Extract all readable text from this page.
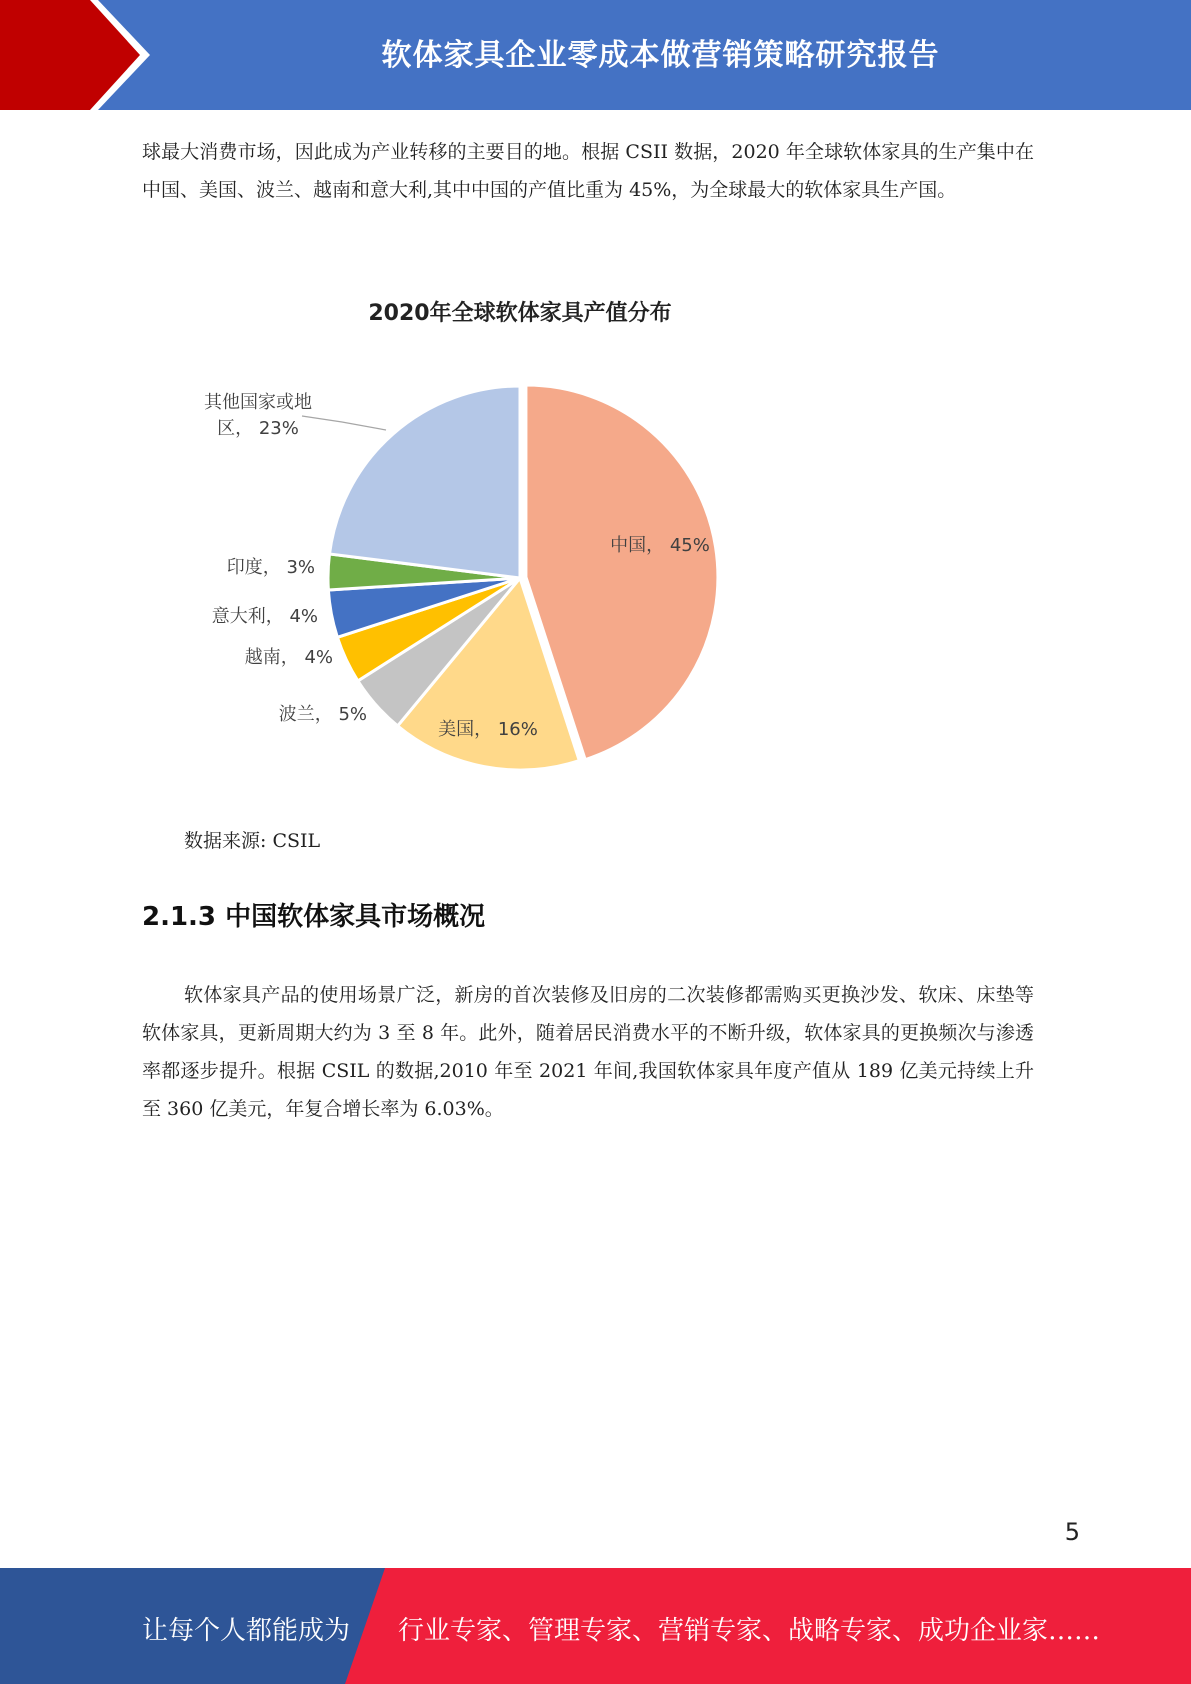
软体家具企业零成本做营销策略研究报告

球最大消费市场，因此成为产业转移的主要目的地。根据 CSII 数据，2020 年全球软体家具的生产集中在中国、美国、波兰、越南和意大利,其中中国的产值比重为 45%，为全球最大的软体家具生产国。

2020年全球软体家具产值分布
中国， 45%
美国， 16%
波兰， 5%
越南， 4%
意大利， 4%
印度， 3%
其他国家或地区， 23%
数据来源: CSIL
2.1.3 中国软体家具市场概况

软体家具产品的使用场景广泛，新房的首次装修及旧房的二次装修都需购买更换沙发、软床、床垫等软体家具，更新周期大约为 3 至 8 年。此外，随着居民消费水平的不断升级，软体家具的更换频次与渗透率都逐步提升。根据 CSIL 的数据,2010 年至 2021 年间,我国软体家具年度产值从 189 亿美元持续上升至 360 亿美元，年复合增长率为 6.03%。

5
让每个人都能成为 行业专家、管理专家、营销专家、战略专家、成功企业家……
